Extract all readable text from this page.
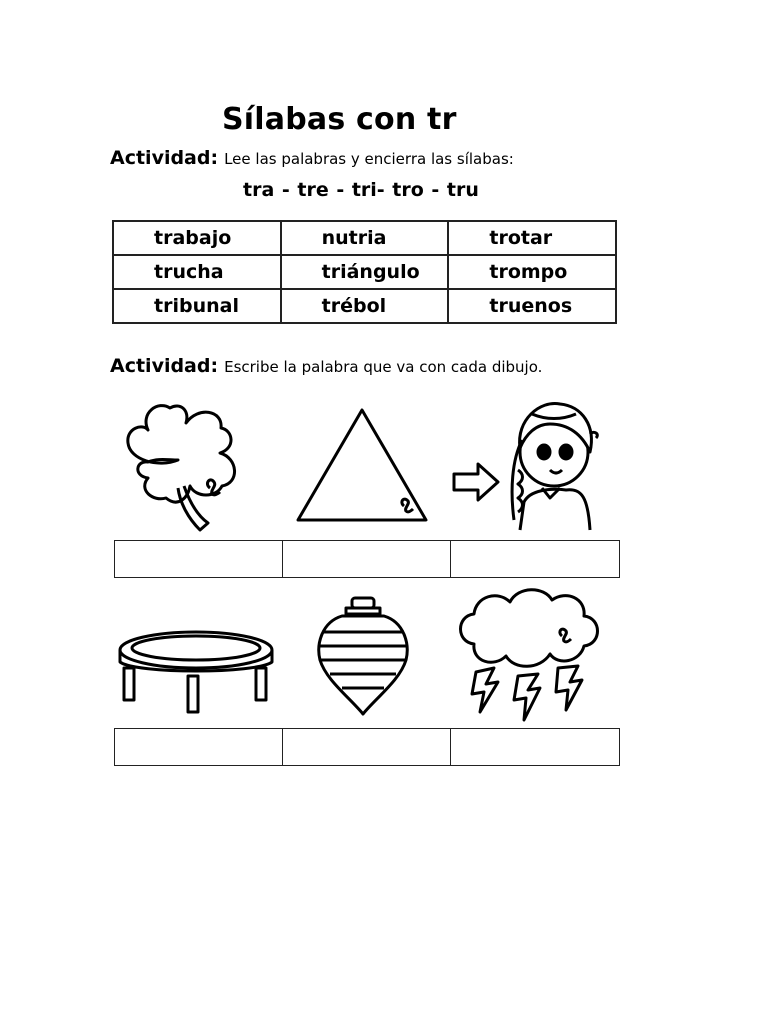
Sílabas con tr
Actividad: Lee las palabras y encierra las sílabas:
tra - tre - tri- tro - tru
trabajo	nutria	trotar
trucha	triángulo	trompo
tribunal	trébol	truenos
Actividad: Escribe la palabra que va con cada dibujo.
